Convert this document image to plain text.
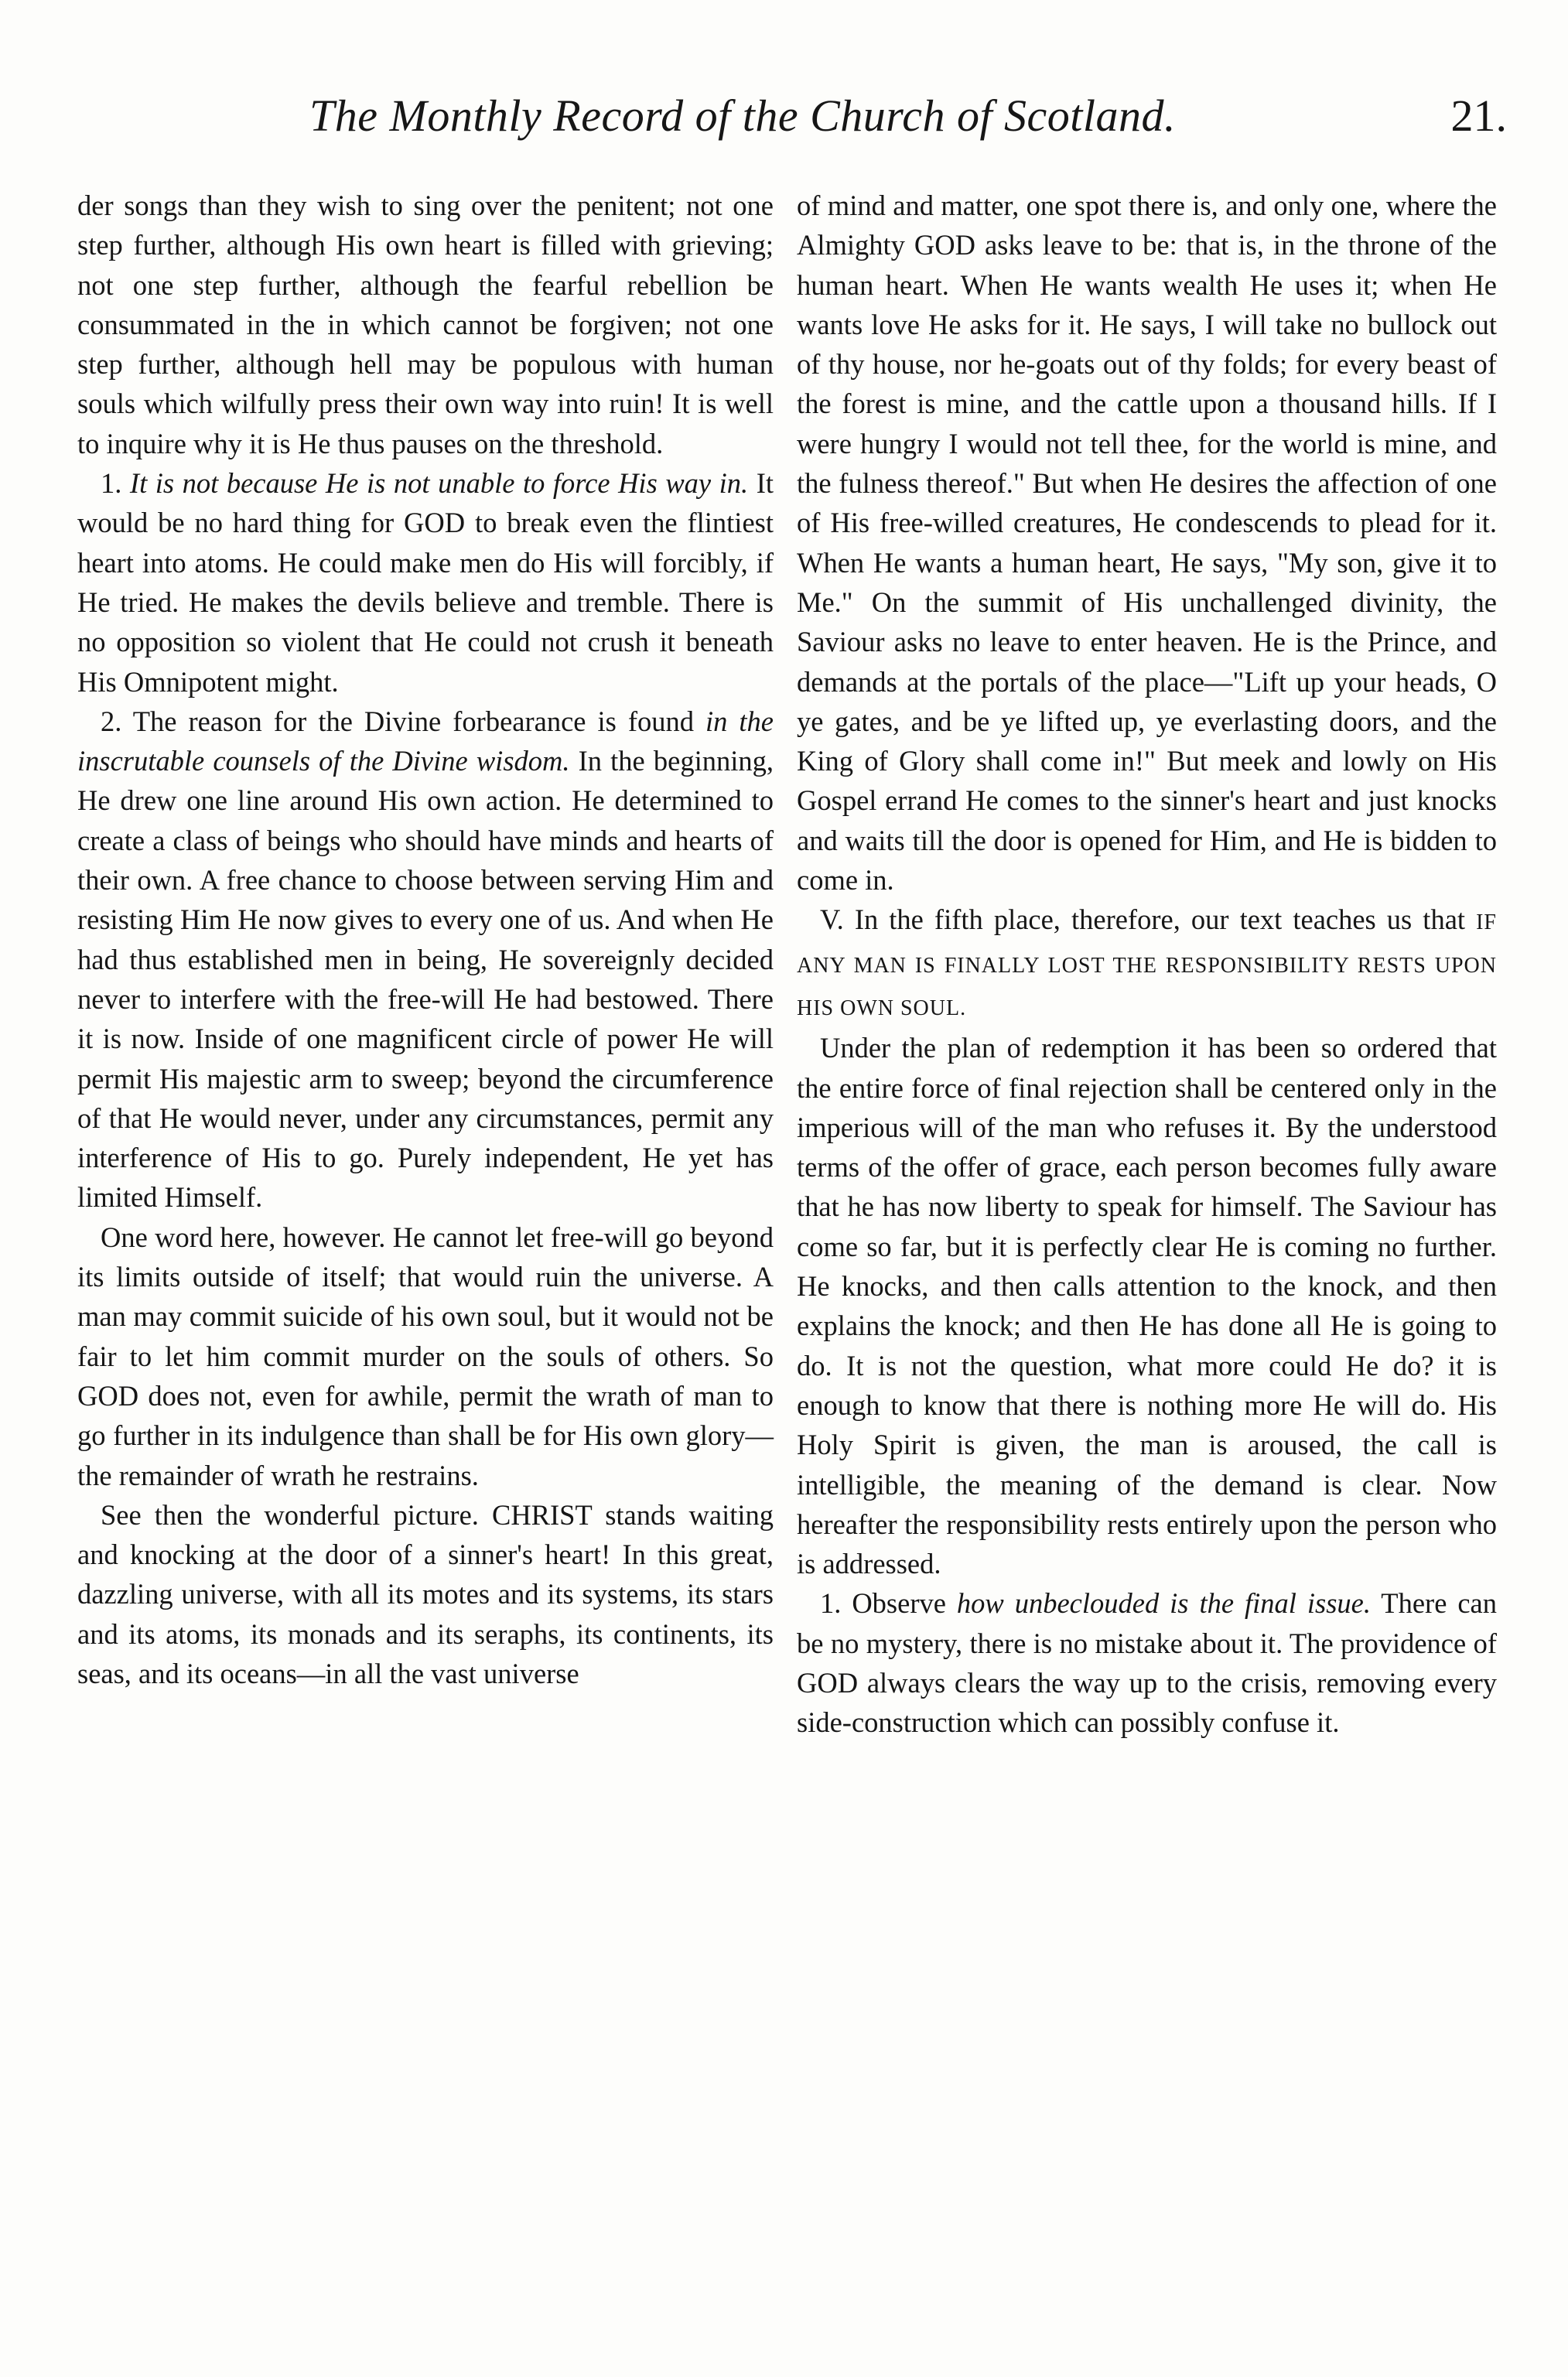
The Monthly Record of the Church of Scotland.	21.

der songs than they wish to sing over the penitent; not one step further, although His own heart is filled with grieving; not one step further, although the fearful rebellion be consummated in the in which cannot be forgiven; not one step further, although hell may be populous with human souls which wilfully press their own way into ruin! It is well to inquire why it is He thus pauses on the threshold.

1. It is not because He is not unable to force His way in. It would be no hard thing for GOD to break even the flintiest heart into atoms. He could make men do His will forcibly, if He tried. He makes the devils believe and tremble. There is no opposition so violent that He could not crush it beneath His Omnipotent might.

2. The reason for the Divine forbearance is found in the inscrutable counsels of the Divine wisdom. In the beginning, He drew one line around His own action. He determined to create a class of beings who should have minds and hearts of their own. A free chance to choose between serving Him and resisting Him He now gives to every one of us. And when He had thus established men in being, He sovereignly decided never to interfere with the free-will He had bestowed. There it is now. Inside of one magnificent circle of power He will permit His majestic arm to sweep; beyond the circumference of that He would never, under any circumstances, permit any interference of His to go. Purely independent, He yet has limited Himself.

One word here, however. He cannot let free-will go beyond its limits outside of itself; that would ruin the universe. A man may commit suicide of his own soul, but it would not be fair to let him commit murder on the souls of others. So GOD does not, even for awhile, permit the wrath of man to go further in its indulgence than shall be for His own glory—the remainder of wrath he restrains.

See then the wonderful picture. CHRIST stands waiting and knocking at the door of a sinner's heart! In this great, dazzling universe, with all its motes and its systems, its stars and its atoms, its monads and its seraphs, its continents, its seas, and its oceans—in all the vast universe

of mind and matter, one spot there is, and only one, where the Almighty GOD asks leave to be: that is, in the throne of the human heart. When He wants wealth He uses it; when He wants love He asks for it. He says, I will take no bullock out of thy house, nor he-goats out of thy folds; for every beast of the forest is mine, and the cattle upon a thousand hills. If I were hungry I would not tell thee, for the world is mine, and the fulness thereof." But when He desires the affection of one of His free-willed creatures, He condescends to plead for it. When He wants a human heart, He says, "My son, give it to Me." On the summit of His unchallenged divinity, the Saviour asks no leave to enter heaven. He is the Prince, and demands at the portals of the place—"Lift up your heads, O ye gates, and be ye lifted up, ye everlasting doors, and the King of Glory shall come in!" But meek and lowly on His Gospel errand He comes to the sinner's heart and just knocks and waits till the door is opened for Him, and He is bidden to come in.

V. In the fifth place, therefore, our text teaches us that IF ANY MAN IS FINALLY LOST THE RESPONSIBILITY RESTS UPON HIS OWN SOUL.

Under the plan of redemption it has been so ordered that the entire force of final rejection shall be centered only in the imperious will of the man who refuses it. By the understood terms of the offer of grace, each person becomes fully aware that he has now liberty to speak for himself. The Saviour has come so far, but it is perfectly clear He is coming no further. He knocks, and then calls attention to the knock, and then explains the knock; and then He has done all He is going to do. It is not the question, what more could He do? it is enough to know that there is nothing more He will do. His Holy Spirit is given, the man is aroused, the call is intelligible, the meaning of the demand is clear. Now hereafter the responsibility rests entirely upon the person who is addressed.

1. Observe how unbeclouded is the final issue. There can be no mystery, there is no mistake about it. The providence of GOD always clears the way up to the crisis, removing every side-construction which can possibly confuse it.
